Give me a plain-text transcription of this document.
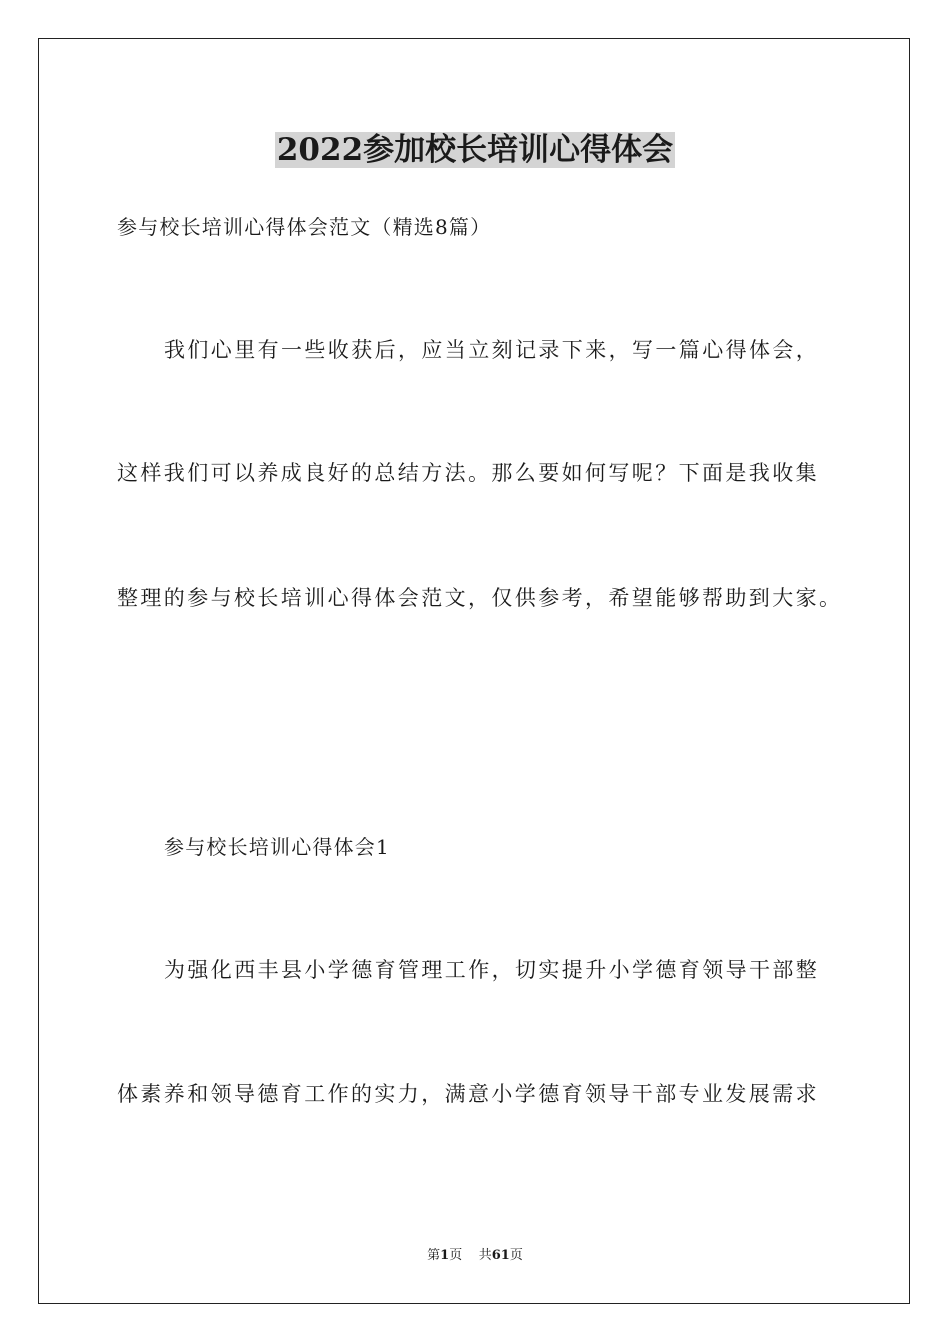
2022参加校长培训心得体会
参与校长培训心得体会范文（精选8篇）
我们心里有一些收获后，应当立刻记录下来，写一篇心得体会，
这样我们可以养成良好的总结方法。那么要如何写呢？下面是我收集
整理的参与校长培训心得体会范文，仅供参考，希望能够帮助到大家。
参与校长培训心得体会1
为强化西丰县小学德育管理工作，切实提升小学德育领导干部整
体素养和领导德育工作的实力，满意小学德育领导干部专业发展需求
第1页 共61页
